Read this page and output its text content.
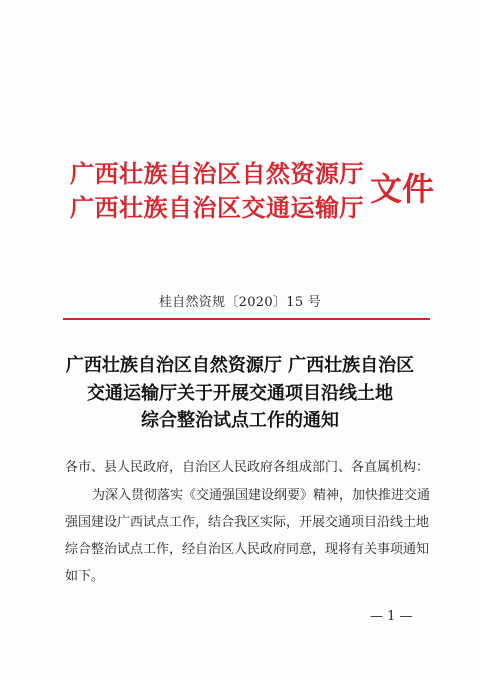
广西壮族自治区自然资源厅
广西壮族自治区交通运输厅 文件
桂自然资规〔2020〕15 号
广西壮族自治区自然资源厅 广西壮族自治区
交通运输厅关于开展交通项目沿线土地
综合整治试点工作的通知
各市、县人民政府，自治区人民政府各组成部门、各直属机构：
为深入贯彻落实《交通强国建设纲要》精神，加快推进交通
强国建设广西试点工作，结合我区实际，开展交通项目沿线土地
综合整治试点工作，经自治区人民政府同意，现将有关事项通知
如下。
— 1 —
